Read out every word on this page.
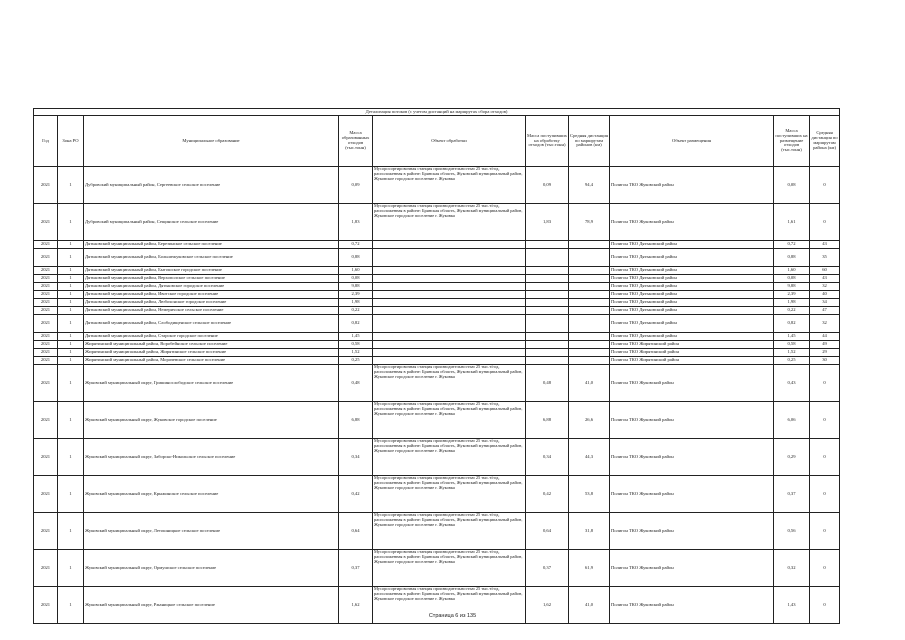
Детализация потоков (с учетом дистанций на маршрутах сбора отходов)									
Год	Зона РО	Муниципальное образование	Масса образованных отходов (тыс.тонн)	Объект обработки	Масса поступивших на обработку отходов (тыс.тонн)	Средняя дистанция по маршрутам районов (км)	Объект размещения	Масса поступивших на размещение отходов (тыс.тонн)	Средняя дистанция по маршрутам района (км)
2021	1	Дубровский муниципальный район, Сергеевское сельское поселение	0,09	Мусоросортировочная станция производительностью 25 тыс.т/год, расположенная в районе: Брянская область, Жуковский муниципальный район, Жуковское городское поселение г. Жуковка	0,09	94,4	Полигон ТКО Жуковский район	0,08	0
2021	1	Дубровский муниципальный район, Сещинское сельское поселение	1,83	Мусоросортировочная станция производительностью 25 тыс.т/год, расположенная в районе: Брянская область, Жуковский муниципальный район, Жуковское городское поселение г. Жуковка	1,83	78,9	Полигон ТКО Жуковский район	1,61	0
2021	1	Дятьковский муниципальный район, Березинское сельское поселение	0,72				Полигон ТКО Дятьковский район	0,72	43
2021	1	Дятьковский муниципальный район, Большежуковское сельское поселение	0,88				Полигон ТКО Дятьковский район	0,88	35
2021	1	Дятьковский муниципальный район, Бытошское городское поселение	1,60				Полигон ТКО Дятьковский район	1,60	60
2021	1	Дятьковский муниципальный район, Верхополское сельское поселение	0,08				Полигон ТКО Дятьковский район	0,08	43
2021	1	Дятьковский муниципальный район, Дятьковское городское поселение	9,88				Полигон ТКО Дятьковский район	9,88	32
2021	1	Дятьковский муниципальный район, Ивотское городское поселение	2,39				Полигон ТКО Дятьковский район	2,39	40
2021	1	Дятьковский муниципальный район, Любохонское городское поселение	1,98				Полигон ТКО Дятьковский район	1,98	34
2021	1	Дятьковский муниципальный район, Немеричское сельское поселение	0,22				Полигон ТКО Дятьковский район	0,22	47
2021	1	Дятьковский муниципальный район, Слободищенское сельское поселение	0,82				Полигон ТКО Дятьковский район	0,82	32
2021	1	Дятьковский муниципальный район, Старское городское поселение	1,45				Полигон ТКО Дятьковский район	1,45	44
2021	1	Жирятинский муниципальный район, Воробейнское сельское поселение	0,58				Полигон ТКО Жирятинский район	0,58	49
2021	1	Жирятинский муниципальный район, Жирятинское сельское поселение	1,52				Полигон ТКО Жирятинский район	1,52	29
2021	1	Жирятинский муниципальный район, Морачевское сельское поселение	0,25				Полигон ТКО Жирятинский район	0,25	30
2021	1	Жуковский муниципальный округ, Гришинослободское сельское поселение	0,48	Мусоросортировочная станция производительностью 25 тыс.т/год, расположенная в районе: Брянская область, Жуковский муниципальный район, Жуковское городское поселение г. Жуковка	0,48	41,0	Полигон ТКО Жуковский район	0,43	0
2021	1	Жуковский муниципальный округ, Жуковское городское поселение	6,88	Мусоросортировочная станция производительностью 25 тыс.т/год, расположенная в районе: Брянская область, Жуковский муниципальный район, Жуковское городское поселение г. Жуковка	6,88	26,6	Полигон ТКО Жуковский район	6,06	0
2021	1	Жуковский муниципальный округ, Заборско-Никольское сельское поселение	0,34	Мусоросортировочная станция производительностью 25 тыс.т/год, расположенная в районе: Брянская область, Жуковский муниципальный район, Жуковское городское поселение г. Жуковка	0,34	44,3	Полигон ТКО Жуковский район	0,29	0
2021	1	Жуковский муниципальный округ, Крыжинское сельское поселение	0,42	Мусоросортировочная станция производительностью 25 тыс.т/год, расположенная в районе: Брянская область, Жуковский муниципальный район, Жуковское городское поселение г. Жуковка	0,42	53,8	Полигон ТКО Жуковский район	0,37	0
2021	1	Жуковский муниципальный округ, Летошницкое сельское поселение	0,64	Мусоросортировочная станция производительностью 25 тыс.т/год, расположенная в районе: Брянская область, Жуковский муниципальный район, Жуковское городское поселение г. Жуковка	0,64	31,8	Полигон ТКО Жуковский район	0,56	0
2021	1	Жуковский муниципальный округ, Ормушское сельское поселение	0,37	Мусоросортировочная станция производительностью 25 тыс.т/год, расположенная в районе: Брянская область, Жуковский муниципальный район, Жуковское городское поселение г. Жуковка	0,37	61,9	Полигон ТКО Жуковский район	0,32	0
2021	1	Жуковский муниципальный округ, Ржаницкое сельское поселение	1,62	Мусоросортировочная станция производительностью 25 тыс.т/год, расположенная в районе: Брянская область, Жуковский муниципальный район, Жуковское городское поселение г. Жуковка	1,62	41,0	Полигон ТКО Жуковский район	1,43	0
Страница 6 из 135
